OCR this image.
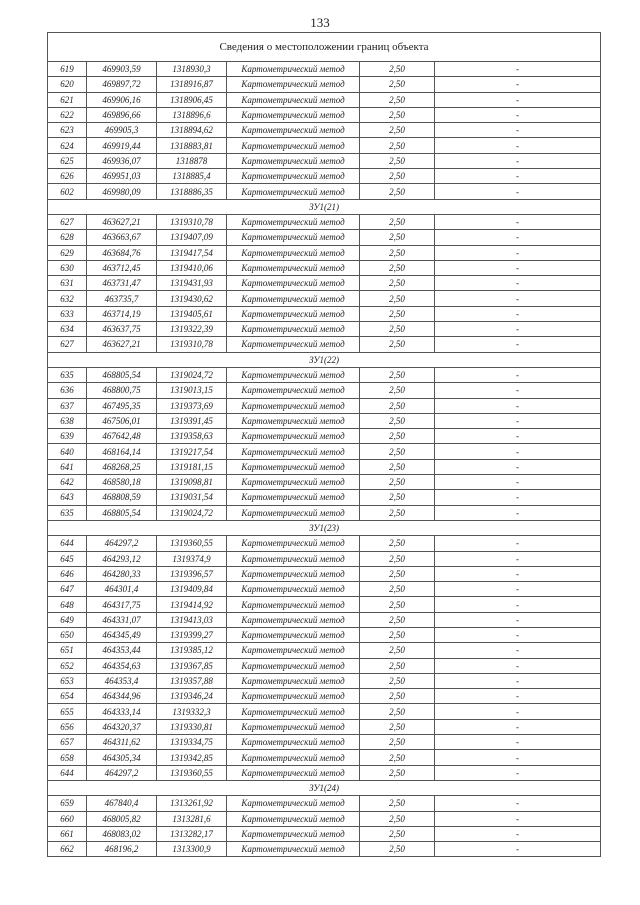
133
Сведения о местоположении границ объекта					
619	469903,59	1318930,3	Картометрический метод	2,50	-
620	469897,72	1318916,87	Картометрический метод	2,50	-
621	469906,16	1318906,45	Картометрический метод	2,50	-
622	469896,66	1318896,6	Картометрический метод	2,50	-
623	469905,3	1318894,62	Картометрический метод	2,50	-
624	469919,44	1318883,81	Картометрический метод	2,50	-
625	469936,07	1318878	Картометрический метод	2,50	-
626	469951,03	1318885,4	Картометрический метод	2,50	-
602	469980,09	1318886,35	Картометрический метод	2,50	-
ЗУ1(21)					
627	463627,21	1319310,78	Картометрический метод	2,50	-
628	463663,67	1319407,09	Картометрический метод	2,50	-
629	463684,76	1319417,54	Картометрический метод	2,50	-
630	463712,45	1319410,06	Картометрический метод	2,50	-
631	463731,47	1319431,93	Картометрический метод	2,50	-
632	463735,7	1319430,62	Картометрический метод	2,50	-
633	463714,19	1319405,61	Картометрический метод	2,50	-
634	463637,75	1319322,39	Картометрический метод	2,50	-
627	463627,21	1319310,78	Картометрический метод	2,50	-
ЗУ1(22)					
635	468805,54	1319024,72	Картометрический метод	2,50	-
636	468800,75	1319013,15	Картометрический метод	2,50	-
637	467495,35	1319373,69	Картометрический метод	2,50	-
638	467506,01	1319391,45	Картометрический метод	2,50	-
639	467642,48	1319358,63	Картометрический метод	2,50	-
640	468164,14	1319217,54	Картометрический метод	2,50	-
641	468268,25	1319181,15	Картометрический метод	2,50	-
642	468580,18	1319098,81	Картометрический метод	2,50	-
643	468808,59	1319031,54	Картометрический метод	2,50	-
635	468805,54	1319024,72	Картометрический метод	2,50	-
ЗУ1(23)					
644	464297,2	1319360,55	Картометрический метод	2,50	-
645	464293,12	1319374,9	Картометрический метод	2,50	-
646	464280,33	1319396,57	Картометрический метод	2,50	-
647	464301,4	1319409,84	Картометрический метод	2,50	-
648	464317,75	1319414,92	Картометрический метод	2,50	-
649	464331,07	1319413,03	Картометрический метод	2,50	-
650	464345,49	1319399,27	Картометрический метод	2,50	-
651	464353,44	1319385,12	Картометрический метод	2,50	-
652	464354,63	1319367,85	Картометрический метод	2,50	-
653	464353,4	1319357,88	Картометрический метод	2,50	-
654	464344,96	1319346,24	Картометрический метод	2,50	-
655	464333,14	1319332,3	Картометрический метод	2,50	-
656	464320,37	1319330,81	Картометрический метод	2,50	-
657	464311,62	1319334,75	Картометрический метод	2,50	-
658	464305,34	1319342,85	Картометрический метод	2,50	-
644	464297,2	1319360,55	Картометрический метод	2,50	-
ЗУ1(24)					
659	467840,4	1313261,92	Картометрический метод	2,50	-
660	468005,82	1313281,6	Картометрический метод	2,50	-
661	468083,02	1313282,17	Картометрический метод	2,50	-
662	468196,2	1313300,9	Картометрический метод	2,50	-
